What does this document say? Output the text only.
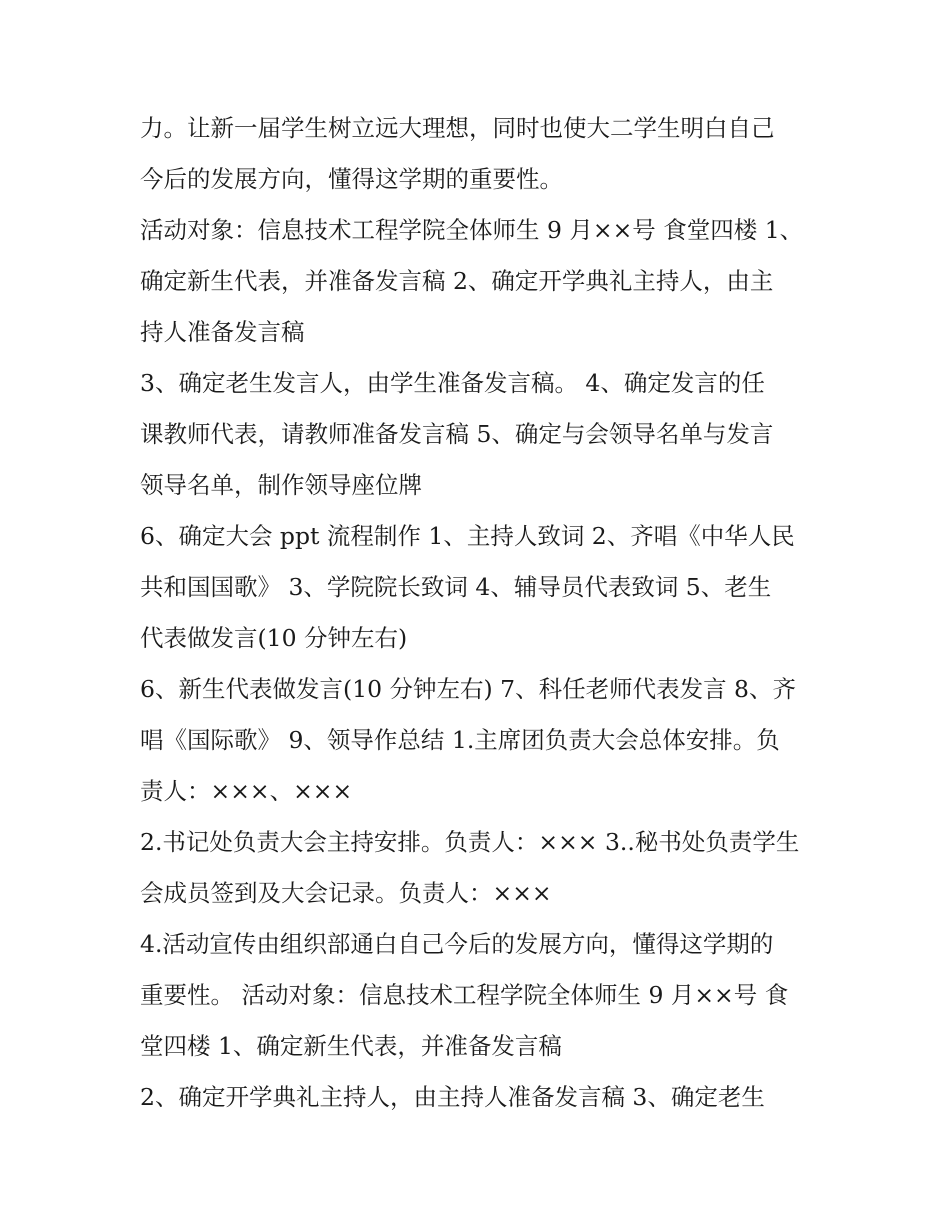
力。让新一届学生树立远大理想，同时也使大二学生明白自己
今后的发展方向，懂得这学期的重要性。
活动对象：信息技术工程学院全体师生 9 月××号 食堂四楼 1、
确定新生代表，并准备发言稿 2、确定开学典礼主持人，由主
持人准备发言稿
3、确定老生发言人，由学生准备发言稿。 4、确定发言的任
课教师代表，请教师准备发言稿 5、确定与会领导名单与发言
领导名单，制作领导座位牌
6、确定大会 ppt 流程制作 1、主持人致词 2、齐唱《中华人民
共和国国歌》 3、学院院长致词 4、辅导员代表致词 5、老生
代表做发言(10 分钟左右)
6、新生代表做发言(10 分钟左右) 7、科任老师代表发言 8、齐
唱《国际歌》 9、领导作总结 1.主席团负责大会总体安排。负
责人：×××、×××
2.书记处负责大会主持安排。负责人：××× 3..秘书处负责学生
会成员签到及大会记录。负责人：×××
4.活动宣传由组织部通白自己今后的发展方向，懂得这学期的
重要性。 活动对象：信息技术工程学院全体师生 9 月××号 食
堂四楼 1、确定新生代表，并准备发言稿
2、确定开学典礼主持人，由主持人准备发言稿 3、确定老生
